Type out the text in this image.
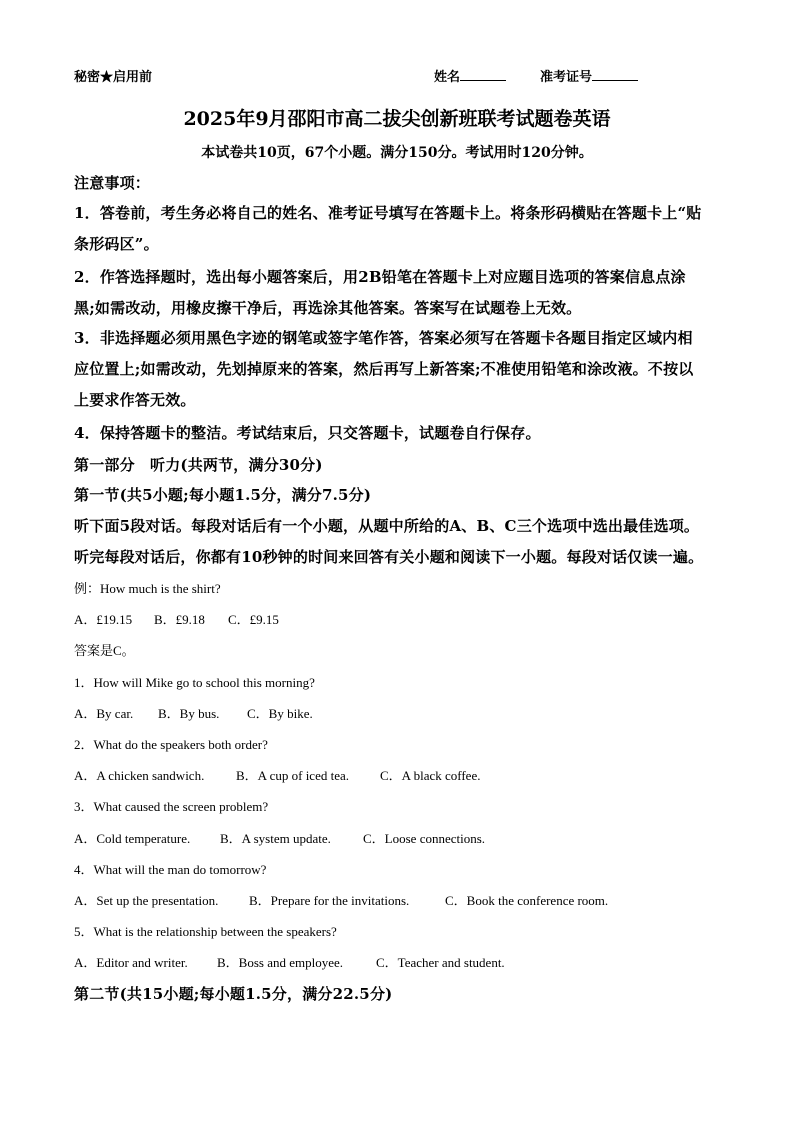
秘密★启用前	姓名	准考证号
2025年9月邵阳市高二拔尖创新班联考试题卷英语
本试卷共10页，67个小题。满分150分。考试用时120分钟。
注意事项：
1．答卷前，考生务必将自己的姓名、准考证号填写在答题卡上。将条形码横贴在答题卡上“贴
条形码区”。
2．作答选择题时，选出每小题答案后，用2B铅笔在答题卡上对应题目选项的答案信息点涂
黑;如需改动，用橡皮擦干净后，再选涂其他答案。答案写在试题卷上无效。
3．非选择题必须用黑色字迹的钢笔或签字笔作答，答案必须写在答题卡各题目指定区域内相
应位置上;如需改动，先划掉原来的答案，然后再写上新答案;不准使用铅笔和涂改液。不按以
上要求作答无效。
4．保持答题卡的整洁。考试结束后，只交答题卡，试题卷自行保存。
第一部分　听力(共两节，满分30分)
第一节(共5小题;每小题1.5分，满分7.5分)
听下面5段对话。每段对话后有一个小题，从题中所给的A、B、C三个选项中选出最佳选项。
听完每段对话后，你都有10秒钟的时间来回答有关小题和阅读下一小题。每段对话仅读一遍。
例：How much is the shirt?
A．£19.15 B．£9.18 C．£9.15
答案是C。
1．How will Mike go to school this morning?
A．By car. B．By bus. C．By bike.
2．What do the speakers both order?
A．A chicken sandwich. B．A cup of iced tea. C．A black coffee.
3．What caused the screen problem?
A．Cold temperature. B．A system update. C．Loose connections.
4．What will the man do tomorrow?
A．Set up the presentation. B．Prepare for the invitations.	C．Book the conference room.
5．What is the relationship between the speakers?
A．Editor and writer. B．Boss and employee.	C．Teacher and student.
第二节(共15小题;每小题1.5分，满分22.5分)
